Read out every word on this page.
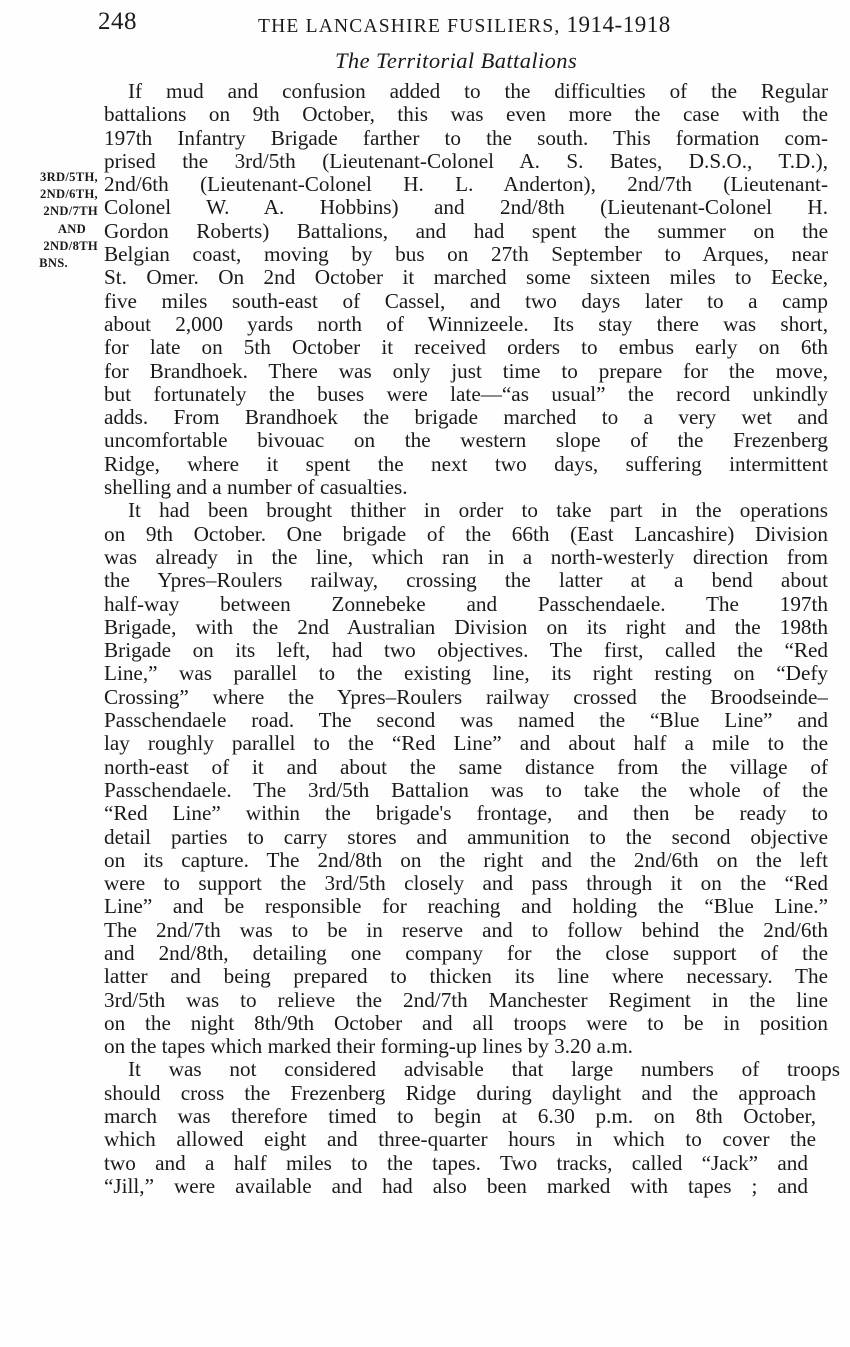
248	THE LANCASHIRE FUSILIERS, 1914-1918
The Territorial Battalions
3RD/5TH,
2ND/6TH,
2ND/7TH
AND
2ND/8TH
BNS.
If mud and confusion added to the difficulties of the Regular
battalions on 9th October, this was even more the case with the
197th Infantry Brigade farther to the south. This formation com-
prised the 3rd/5th (Lieutenant-Colonel A. S. Bates, D.S.O., T.D.),
2nd/6th (Lieutenant-Colonel H. L. Anderton), 2nd/7th (Lieutenant-
Colonel W. A. Hobbins) and 2nd/8th (Lieutenant-Colonel H.
Gordon Roberts) Battalions, and had spent the summer on the
Belgian coast, moving by bus on 27th September to Arques, near
St. Omer. On 2nd October it marched some sixteen miles to Eecke,
five miles south-east of Cassel, and two days later to a camp
about 2,000 yards north of Winnizeele. Its stay there was short,
for late on 5th October it received orders to embus early on 6th
for Brandhoek. There was only just time to prepare for the move,
but fortunately the buses were late—“as usual” the record unkindly
adds. From Brandhoek the brigade marched to a very wet and
uncomfortable bivouac on the western slope of the Frezenberg
Ridge, where it spent the next two days, suffering intermittent
shelling and a number of casualties.
It had been brought thither in order to take part in the operations
on 9th October. One brigade of the 66th (East Lancashire) Division
was already in the line, which ran in a north-westerly direction from
the Ypres–Roulers railway, crossing the latter at a bend about
half-way between Zonnebeke and Passchendaele. The 197th
Brigade, with the 2nd Australian Division on its right and the 198th
Brigade on its left, had two objectives. The first, called the “Red
Line,” was parallel to the existing line, its right resting on “Defy
Crossing” where the Ypres–Roulers railway crossed the Broodseinde–
Passchendaele road. The second was named the “Blue Line” and
lay roughly parallel to the “Red Line” and about half a mile to the
north-east of it and about the same distance from the village of
Passchendaele. The 3rd/5th Battalion was to take the whole of the
“Red Line” within the brigade's frontage, and then be ready to
detail parties to carry stores and ammunition to the second objective
on its capture. The 2nd/8th on the right and the 2nd/6th on the left
were to support the 3rd/5th closely and pass through it on the “Red
Line” and be responsible for reaching and holding the “Blue Line.”
The 2nd/7th was to be in reserve and to follow behind the 2nd/6th
and 2nd/8th, detailing one company for the close support of the
latter and being prepared to thicken its line where necessary. The
3rd/5th was to relieve the 2nd/7th Manchester Regiment in the line
on the night 8th/9th October and all troops were to be in position
on the tapes which marked their forming-up lines by 3.20 a.m.
It was not considered advisable that large numbers of troops
should cross the Frezenberg Ridge during daylight and the approach
march was therefore timed to begin at 6.30 p.m. on 8th October,
which allowed eight and three-quarter hours in which to cover the
two and a half miles to the tapes. Two tracks, called “Jack” and
“Jill,” were available and had also been marked with tapes ; and
